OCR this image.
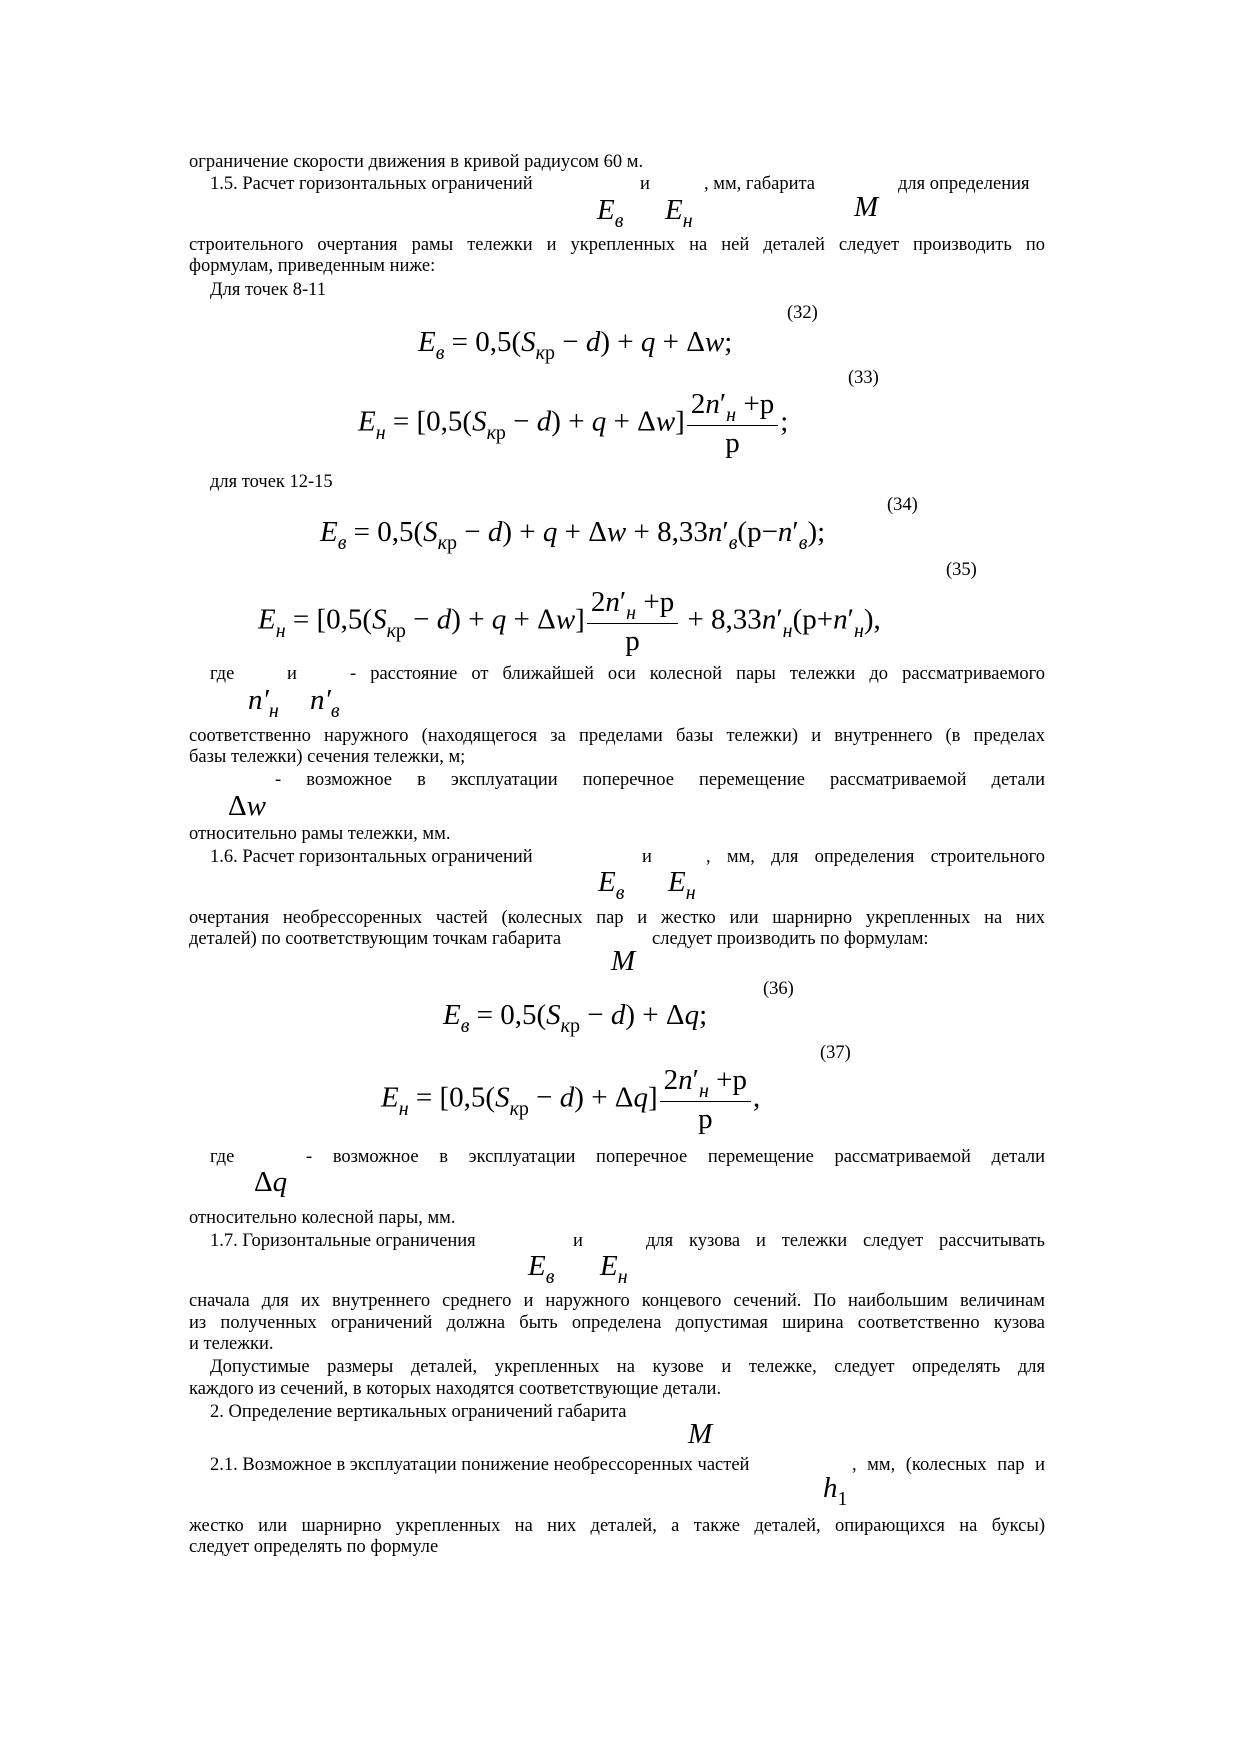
ограничение скорости движения в кривой радиусом 60 м.
1.5. Расчет горизонтальных ограничений	и	, мм, габарита	для определения
$E_в$ $E_н$	M
строительного очертания рамы тележки и укрепленных на ней деталей следует производить по
формулам, приведенным ниже:
Для точек 8-11
(32)
$E_в = 0,5(S_{кр} - d) + q + \Delta w$;
(33)
$E_н = [0,5(S_{кр} - d) + q + \Delta w] \frac{2n'_н +р}{р}$ ;
для точек 12-15
(34)
$E_в = 0,5(S_{кр} - d) + q + \Delta w + 8,33n'_в(р-n'_в)$;
(35)
$E_н = [0,5(S_{кр} - d) + q + \Delta w] \frac{2n'_н +р}{р} + 8,33n'_н(р+n'_н)$,
где	и	- расстояние от ближайшей оси колесной пары тележки до рассматриваемого
$n'_н$ $n'_в$
соответственно наружного (находящегося за пределами базы тележки) и внутреннего (в пределах
базы тележки) сечения тележки, м;
- возможное в эксплуатации поперечное перемещение рассматриваемой детали
Δw
относительно рамы тележки, мм.
1.6. Расчет горизонтальных ограничений	и	, мм, для определения строительного
$E_в$ $E_н$
очертания необрессоренных частей (колесных пар и жестко или шарнирно укрепленных на них
деталей) по соответствующим точкам габарита	следует производить по формулам:
M
(36)
$E_в = 0,5(S_{кр} - d) + \Delta q$;
(37)
$E_н = [0,5(S_{кр} - d) + \Delta q] \frac{2n'_н +р}{р}$ ,
где	- возможное в эксплуатации поперечное перемещение рассматриваемой детали
Δq
относительно колесной пары, мм.
1.7. Горизонтальные ограничения	и	для кузова и тележки следует рассчитывать
$E_в$ $E_н$
сначала для их внутреннего среднего и наружного концевого сечений. По наибольшим величинам
из полученных ограничений должна быть определена допустимая ширина соответственно кузова
и тележки.
Допустимые размеры деталей, укрепленных на кузове и тележке, следует определять для
каждого из сечений, в которых находятся соответствующие детали.
2. Определение вертикальных ограничений габарита
M
2.1. Возможное в эксплуатации понижение необрессоренных частей	, мм, (колесных пар и
$h_1$
жестко или шарнирно укрепленных на них деталей, а также деталей, опирающихся на буксы)
следует определять по формуле
